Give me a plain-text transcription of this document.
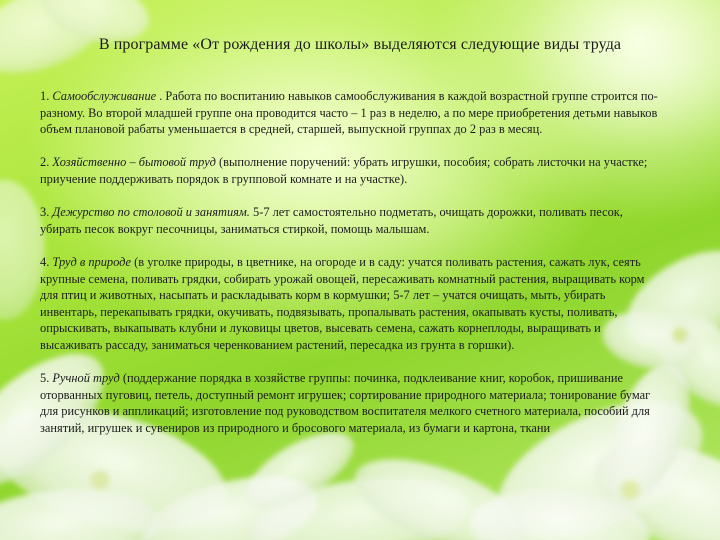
В программе «От рождения до школы» выделяются следующие виды труда

1. Самообслуживание . Работа по воспитанию навыков самообслуживания в каждой возрастной группе строится по-разному. Во второй младшей группе она проводится часто – 1 раз в неделю, а по мере приобретения детьми навыков объем плановой рабаты уменьшается в средней, старшей, выпускной группах до 2 раз в месяц.

2. Хозяйственно – бытовой труд (выполнение поручений: убрать игрушки, пособия; собрать листочки на участке; приучение поддерживать порядок в групповой комнате и на участке).

3. Дежурство по столовой и занятиям. 5-7 лет самостоятельно подметать, очищать дорожки, поливать песок, убирать песок вокруг песочницы, заниматься стиркой, помощь малышам.

4. Труд в природе (в уголке природы, в цветнике, на огороде и в саду: учатся поливать растения, сажать лук, сеять крупные семена, поливать грядки, собирать урожай овощей, пересаживать комнатный растения, выращивать корм для птиц и животных, насыпать и раскладывать корм в кормушки; 5-7 лет – учатся очищать, мыть, убирать инвентарь, перекапывать грядки, окучивать, подвязывать, пропалывать растения, окапывать кусты, поливать, опрыскивать, выкапывать клубни и луковицы цветов, высевать семена, сажать корнеплоды, выращивать и высаживать рассаду, заниматься черенкованием растений, пересадка из грунта в горшки).

5. Ручной труд (поддержание порядка в хозяйстве группы: починка, подклеивание книг, коробок, пришивание оторванных пуговиц, петель, доступный ремонт игрушек; сортирование природного материала; тонирование бумаг для рисунков и аппликаций; изготовление под руководством воспитателя мелкого счетного материала, пособий для занятий, игрушек и сувениров из природного и бросового материала, из бумаги и картона, ткани
